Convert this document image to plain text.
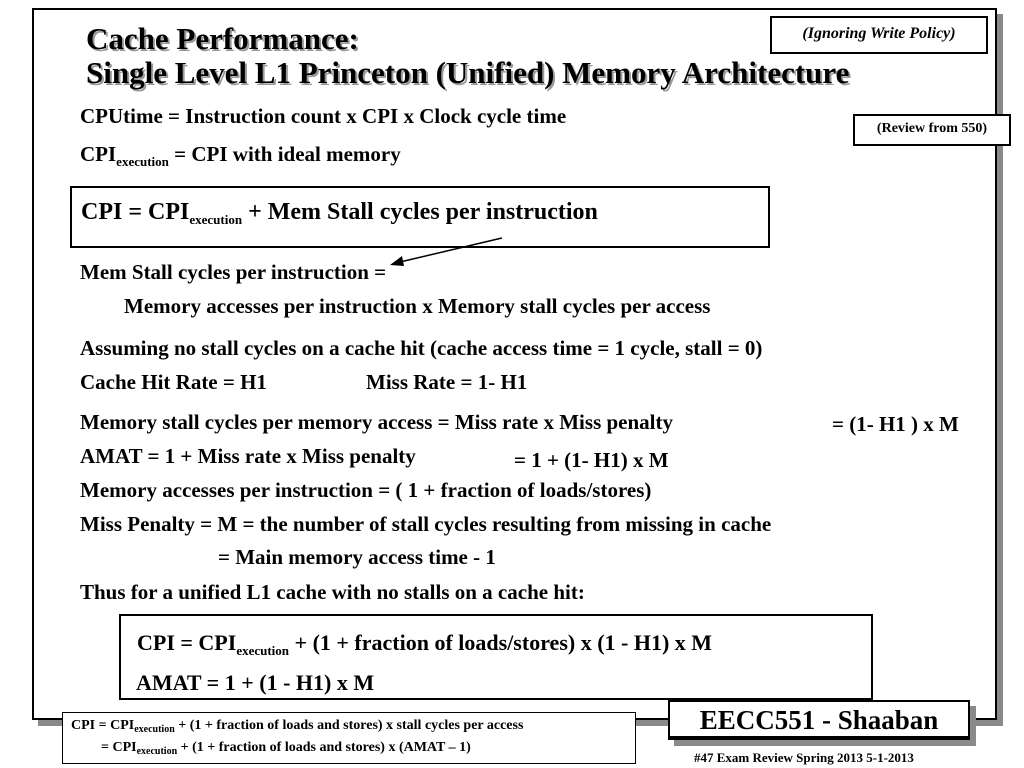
Cache Performance:
Single Level L1 Princeton (Unified) Memory Architecture
(Ignoring Write Policy)
(Review from 550)
CPUtime = Instruction count x CPI x Clock cycle time
$CPI_{execution}$ = CPI with ideal memory
CPI = $CPI_{execution}$ + Mem Stall cycles per instruction
Mem Stall cycles per instruction =
Memory accesses per instruction x Memory stall cycles per access
Assuming no stall cycles on a cache hit (cache access time = 1 cycle, stall = 0)
Cache Hit Rate = H1	Miss Rate = 1- H1
Memory stall cycles per memory access = Miss rate x Miss penalty	= (1- H1 ) x M
AMAT = 1 + Miss rate x Miss penalty	= 1 + (1- H1) x M
Memory accesses per instruction = ( 1 + fraction of loads/stores)
Miss Penalty = M = the number of stall cycles resulting from missing in cache
= Main memory access time - 1
Thus for a unified L1 cache with no stalls on a cache hit:
CPI = $CPI_{execution} + (1$ + fraction of loads/stores) x (1 - H1) x M
AMAT = 1 + (1 - H1) x M
CPI = $CPI_{execution} + (1$ + fraction of loads and stores) x stall cycles per access
= $CPI_{execution} + (1$ + fraction of loads and stores) x (AMAT – 1)
EECC551 - Shaaban
#47 Exam Review Spring 2013 5-1-2013
